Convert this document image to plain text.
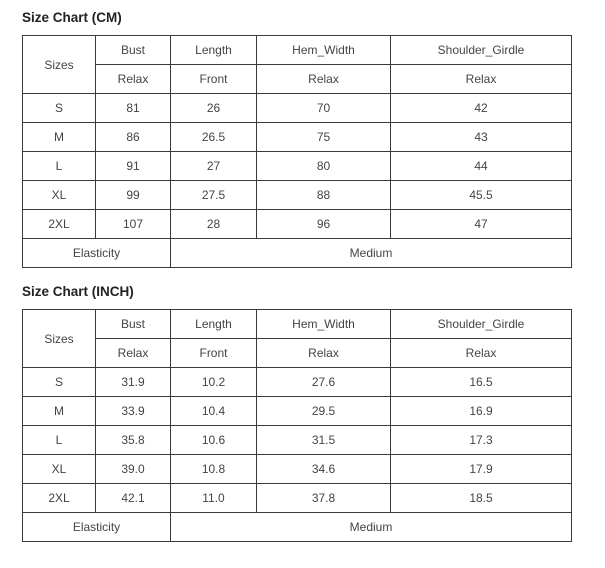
Size Chart (CM)
Sizes	Bust	Length	Hem_Width	Shoulder_Girdle
	Relax	Front	Relax	Relax
S	81	26	70	42
M	86	26.5	75	43
L	91	27	80	44
XL	99	27.5	88	45.5
2XL	107	28	96	47
Elasticity		Medium		
Size Chart (INCH)
Sizes	Bust	Length	Hem_Width	Shoulder_Girdle
	Relax	Front	Relax	Relax
S	31.9	10.2	27.6	16.5
M	33.9	10.4	29.5	16.9
L	35.8	10.6	31.5	17.3
XL	39.0	10.8	34.6	17.9
2XL	42.1	11.0	37.8	18.5
Elasticity		Medium		
